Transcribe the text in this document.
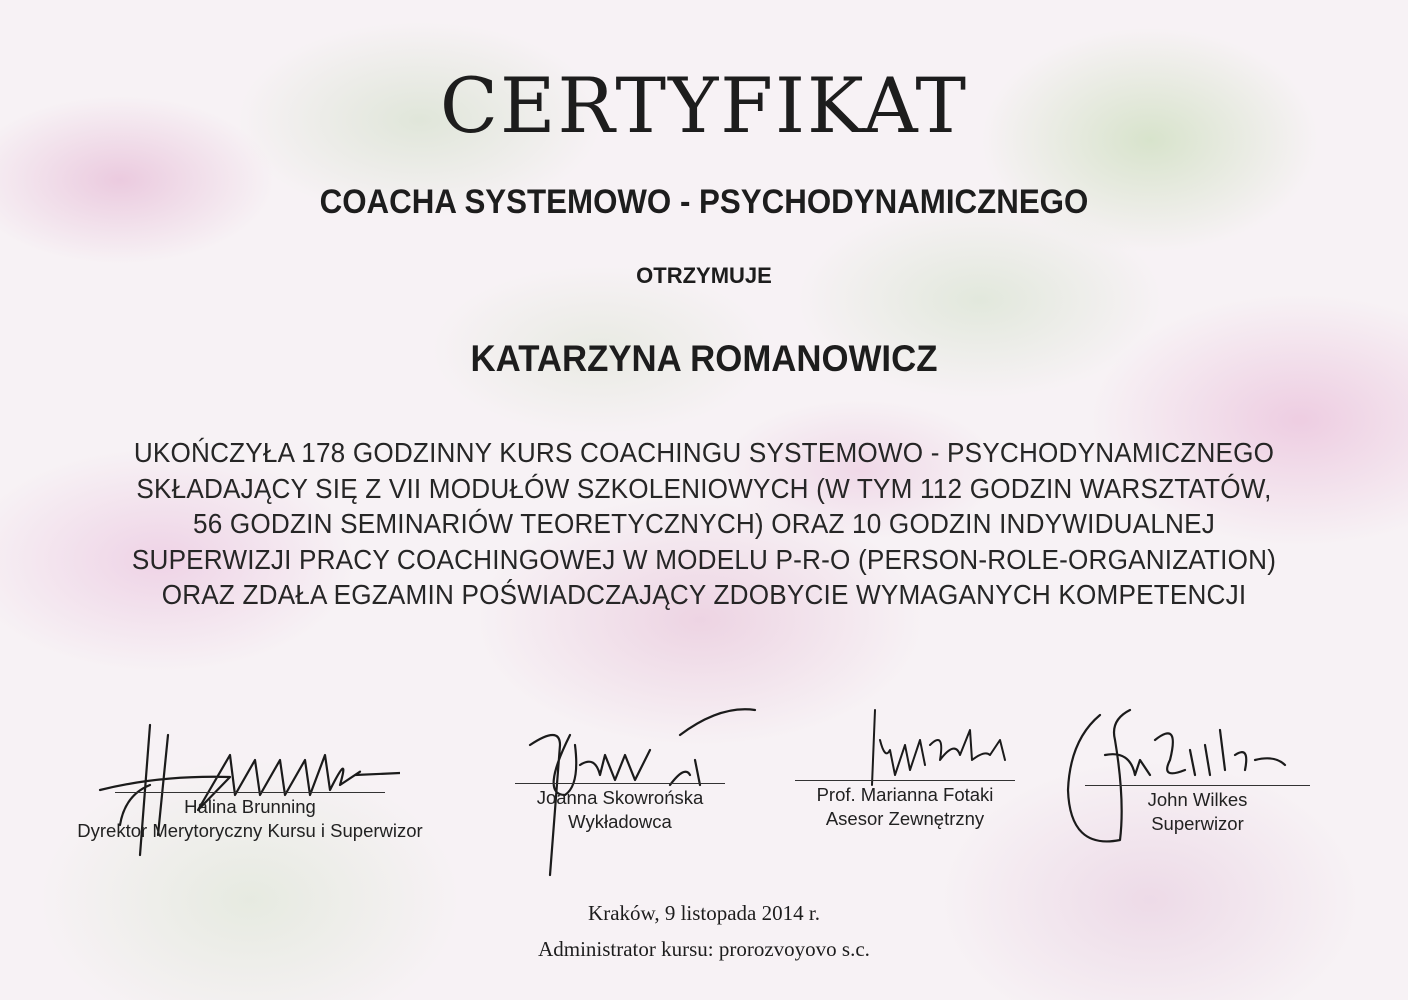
CERTYFIKAT
COACHA SYSTEMOWO - PSYCHODYNAMICZNEGO
OTRZYMUJE
KATARZYNA ROMANOWICZ
UKOŃCZYŁA 178 GODZINNY KURS COACHINGU SYSTEMOWO - PSYCHODYNAMICZNEGO
SKŁADAJĄCY SIĘ Z VII MODUŁÓW SZKOLENIOWYCH (W TYM 112 GODZIN WARSZTATÓW,
56 GODZIN SEMINARIÓW TEORETYCZNYCH) ORAZ 10 GODZIN INDYWIDUALNEJ
SUPERWIZJI PRACY COACHINGOWEJ W MODELU P-R-O (PERSON-ROLE-ORGANIZATION)
ORAZ ZDAŁA EGZAMIN POŚWIADCZAJĄCY ZDOBYCIE WYMAGANYCH KOMPETENCJI
Halina Brunning
Dyrektor Merytoryczny Kursu i Superwizor
Joanna Skowrońska
Wykładowca
Prof. Marianna Fotaki
Asesor Zewnętrzny
John Wilkes
Superwizor
Kraków, 9 listopada 2014 r.
Administrator kursu: prorozvoyovo s.c.
